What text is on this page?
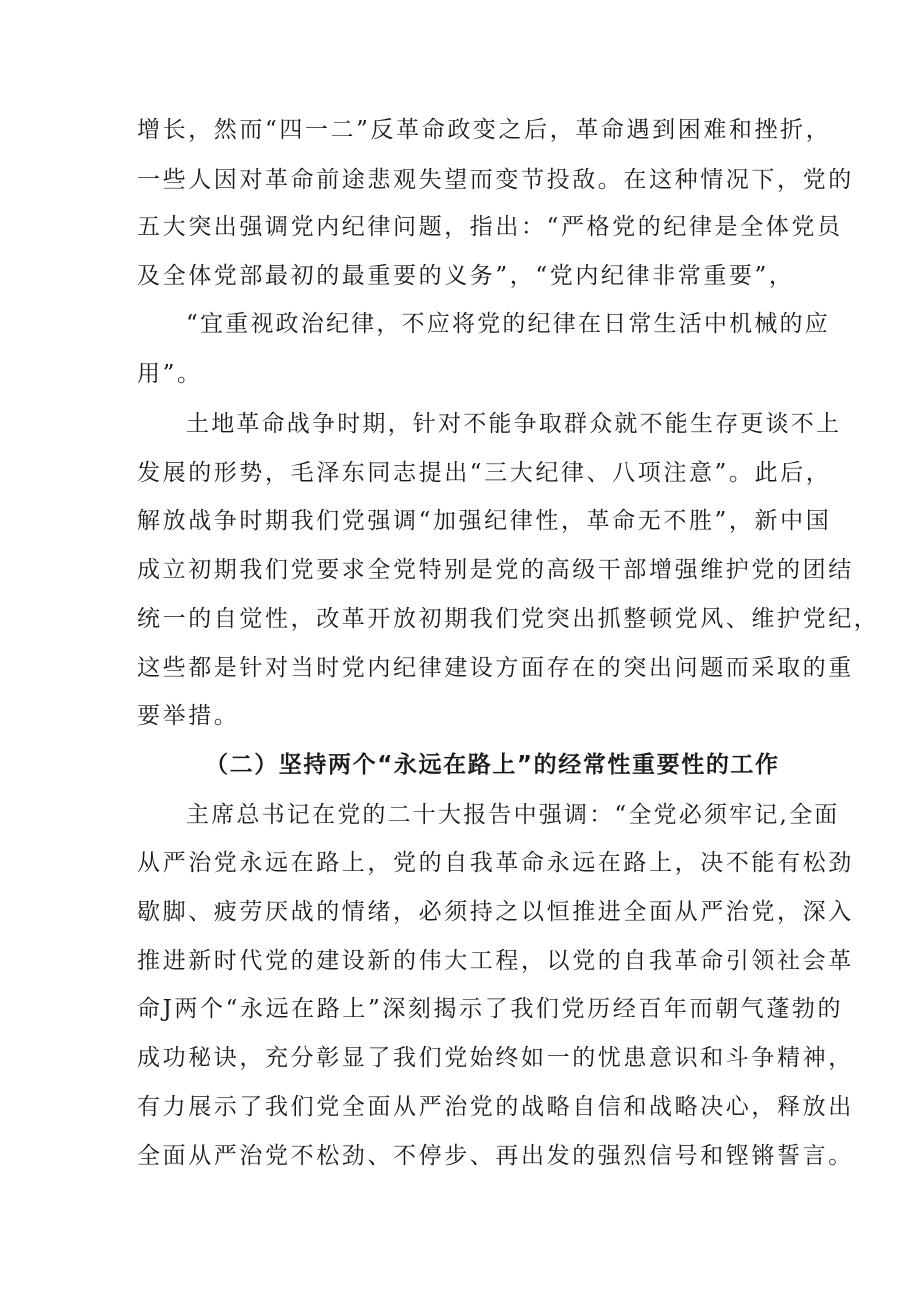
增长，然而“四一二”反革命政变之后，革命遇到困难和挫折，
一些人因对革命前途悲观失望而变节投敌。在这种情况下，党的
五大突出强调党内纪律问题，指出：“严格党的纪律是全体党员
及全体党部最初的最重要的义务”，“党内纪律非常重要”，
“宜重视政治纪律，不应将党的纪律在日常生活中机械的应
用”。
土地革命战争时期，针对不能争取群众就不能生存更谈不上
发展的形势，毛泽东同志提出“三大纪律、八项注意”。此后，
解放战争时期我们党强调“加强纪律性，革命无不胜”，新中国
成立初期我们党要求全党特别是党的高级干部增强维护党的团结
统一的自觉性，改革开放初期我们党突出抓整顿党风、维护党纪，
这些都是针对当时党内纪律建设方面存在的突出问题而采取的重
要举措。
（二）坚持两个“永远在路上”的经常性重要性的工作
主席总书记在党的二十大报告中强调：“全党必须牢记,全面
从严治党永远在路上，党的自我革命永远在路上，决不能有松劲
歇脚、疲劳厌战的情绪，必须持之以恒推进全面从严治党，深入
推进新时代党的建设新的伟大工程，以党的自我革命引领社会革
命J两个“永远在路上”深刻揭示了我们党历经百年而朝气蓬勃的
成功秘诀，充分彰显了我们党始终如一的忧患意识和斗争精神，
有力展示了我们党全面从严治党的战略自信和战略决心，释放出
全面从严治党不松劲、不停步、再出发的强烈信号和铿锵誓言。
